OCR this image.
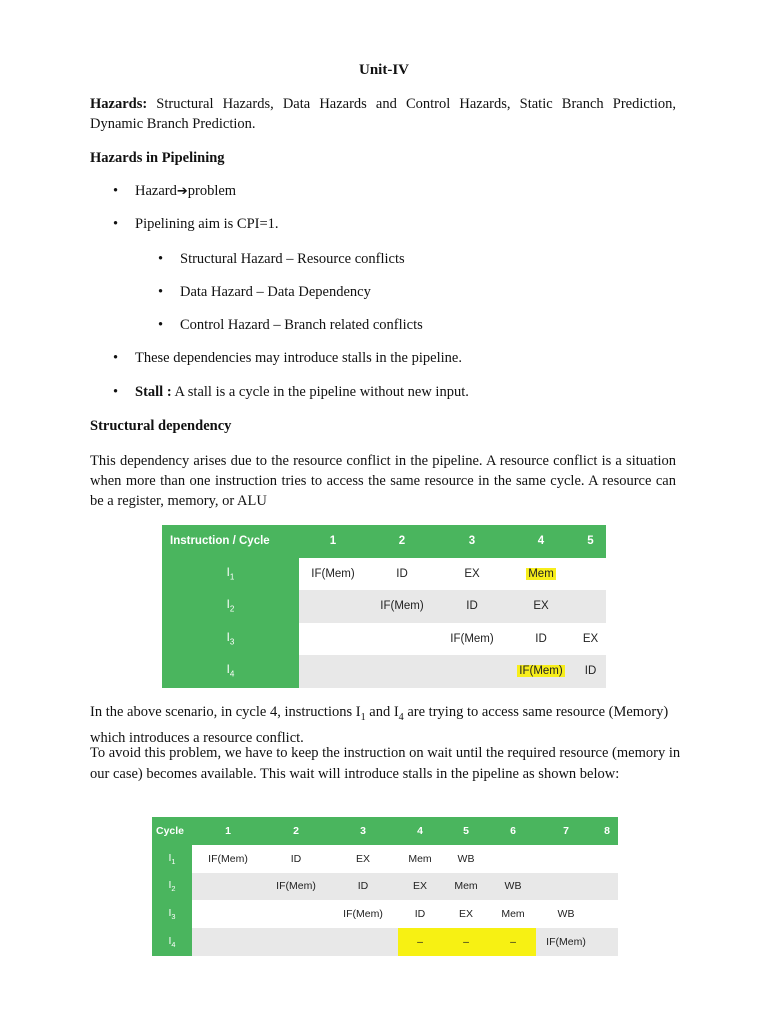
Unit-IV
Hazards: Structural Hazards, Data Hazards and Control Hazards, Static Branch Prediction, Dynamic Branch Prediction.
Hazards in Pipelining
• Hazard➔problem
• Pipelining aim is CPI=1.
• Structural Hazard – Resource conflicts
• Data Hazard – Data Dependency
• Control Hazard – Branch related conflicts
• These dependencies may introduce stalls in the pipeline.
• Stall : A stall is a cycle in the pipeline without new input.
Structural dependency
This dependency arises due to the resource conflict in the pipeline. A resource conflict is a situation when more than one instruction tries to access the same resource in the same cycle. A resource can be a register, memory, or ALU
Instruction / Cycle	1	2	3	4	5
$I_1$	IF(Mem)	ID	EX	Mem	
$I_2$		IF(Mem)	ID	EX	
$I_3$			IF(Mem)	ID	EX
$I_4$				IF(Mem)	ID
In the above scenario, in cycle 4, instructions $I_1$ and $I_4$ are trying to access same resource (Memory) which introduces a resource conflict.
To avoid this problem, we have to keep the instruction on wait until the required resource (memory in our case) becomes available. This wait will introduce stalls in the pipeline as shown below:
Cycle	1	2	3	4	5	6	7	8
$I_1$	IF(Mem)	ID	EX	Mem	WB			
$I_2$		IF(Mem)	ID	EX	Mem	WB		
$I_3$			IF(Mem)	ID	EX	Mem	WB	
$I_4$				–	–	–	IF(Mem)	
